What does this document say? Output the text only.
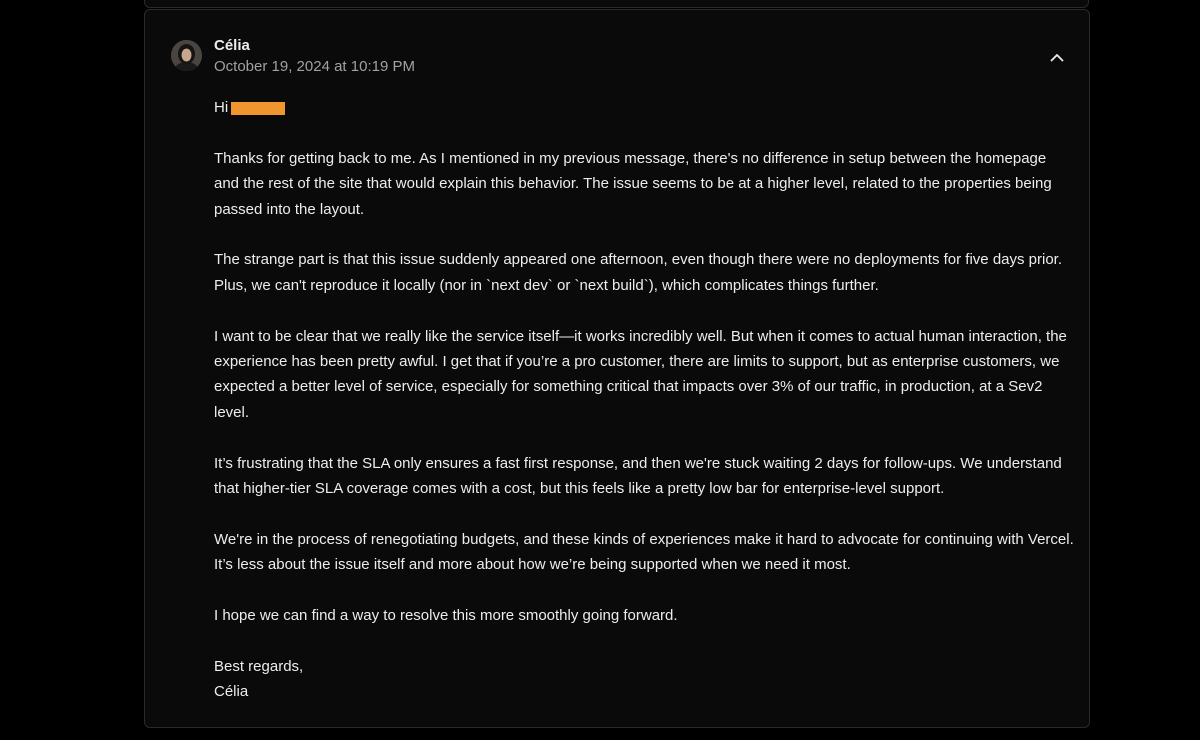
Célia
October 19, 2024 at 10:19 PM

Hi

Thanks for getting back to me. As I mentioned in my previous message, there's no difference in setup between the homepage and the rest of the site that would explain this behavior. The issue seems to be at a higher level, related to the properties being passed into the layout.

The strange part is that this issue suddenly appeared one afternoon, even though there were no deployments for five days prior. Plus, we can't reproduce it locally (nor in `next dev` or `next build`), which complicates things further.

I want to be clear that we really like the service itself—it works incredibly well. But when it comes to actual human interaction, the experience has been pretty awful. I get that if you’re a pro customer, there are limits to support, but as enterprise customers, we expected a better level of service, especially for something critical that impacts over 3% of our traffic, in production, at a Sev2 level.

It’s frustrating that the SLA only ensures a fast first response, and then we're stuck waiting 2 days for follow-ups. We understand that higher-tier SLA coverage comes with a cost, but this feels like a pretty low bar for enterprise-level support.

We're in the process of renegotiating budgets, and these kinds of experiences make it hard to advocate for continuing with Vercel. It’s less about the issue itself and more about how we’re being supported when we need it most.

I hope we can find a way to resolve this more smoothly going forward.

Best regards,

Célia
